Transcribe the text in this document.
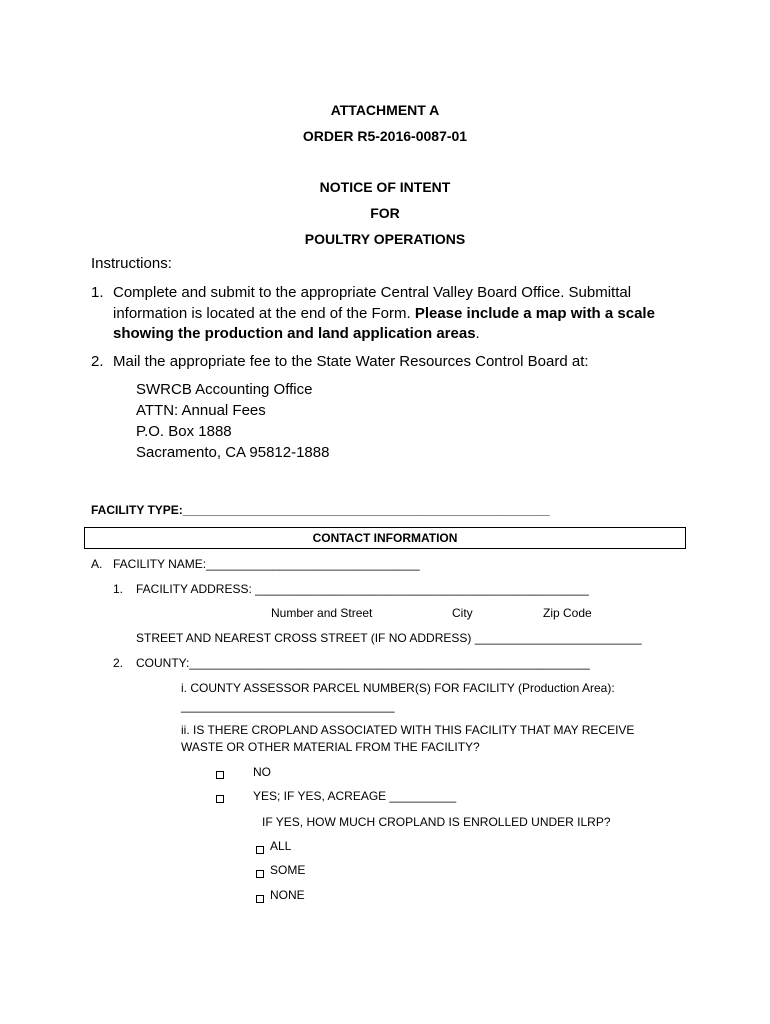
ATTACHMENT A
ORDER R5-2016-0087-01
NOTICE OF INTENT
FOR
POULTRY OPERATIONS
Instructions:
1. Complete and submit to the appropriate Central Valley Board Office. Submittal
information is located at the end of the Form. Please include a map with a scale
showing the production and land application areas.
2. Mail the appropriate fee to the State Water Resources Control Board at:
SWRCB Accounting Office
ATTN: Annual Fees
P.O. Box 1888
Sacramento, CA 95812-1888
FACILITY TYPE:_______________________________________________________
CONTACT INFORMATION
A. FACILITY NAME:________________________________
1. FACILITY ADDRESS: __________________________________________________
Number and Street	City	Zip Code
STREET AND NEAREST CROSS STREET (IF NO ADDRESS) _________________________
2. COUNTY:____________________________________________________________
i. COUNTY ASSESSOR PARCEL NUMBER(S) FOR FACILITY (Production Area):
________________________________
ii. IS THERE CROPLAND ASSOCIATED WITH THIS FACILITY THAT MAY RECEIVE
WASTE OR OTHER MATERIAL FROM THE FACILITY?
NO
YES; IF YES, ACREAGE __________
IF YES, HOW MUCH CROPLAND IS ENROLLED UNDER ILRP?
ALL
SOME
NONE
